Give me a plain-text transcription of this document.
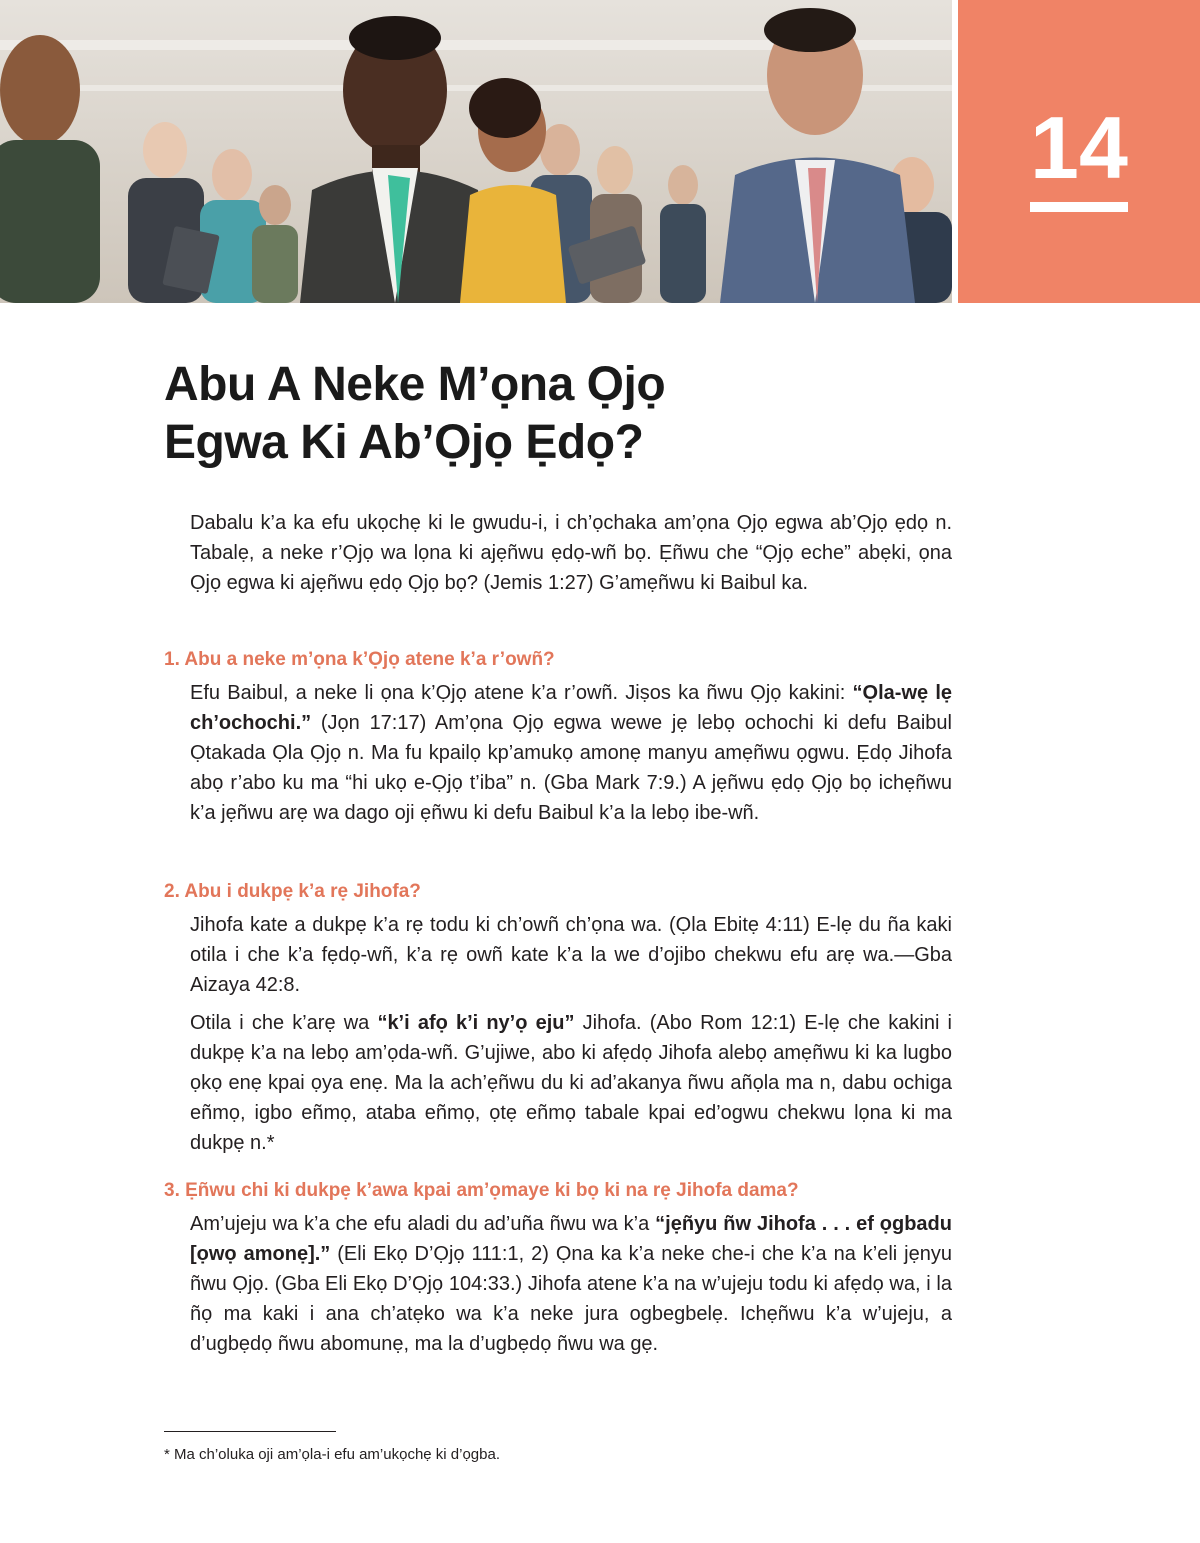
14
Abu A Neke M’ọna Ọjọ
Egwa Ki Ab’Ọjọ Ẹdọ?

Dabalu k’a ka efu ukọchẹ ki le gwudu-i, i ch’ọchaka am’ọna Ọjọ egwa ab’Ọjọ ẹdọ n. Tabalẹ, a neke r’Ọjọ wa lọna ki ajẹñwu ẹdọ-wñ bọ. Ẹñwu che “Ọjọ eche” abẹki, ọna Ọjọ egwa ki ajẹñwu ẹdọ Ọjọ bọ? (Jemis 1:27) G’amẹñwu ki Baibul ka.

1. Abu a neke m’ọna k’Ọjọ atene k’a r’owñ?

Efu Baibul, a neke li ọna k’Ọjọ atene k’a r’owñ. Jiṣos ka ñwu Ọjọ kakini: “Ọla-wẹ lẹ ch’ochochi.” (Jọn 17:17) Am’ọna Ọjọ egwa wewe jẹ lebọ ochochi ki defu Baibul Ọtakada Ọla Ọjọ n. Ma fu kpailọ kp’amukọ amonẹ manyu amẹñwu ọgwu. Ẹdọ Jihofa abọ r’abo ku ma “hi ukọ e-Ọjọ t’iba” n. (Gba Mark 7:9.) A jẹñwu ẹdọ Ọjọ bọ ichẹñwu k’a jẹñwu arẹ wa dago oji ẹñwu ki defu Baibul k’a la lebọ ibe-wñ.

2. Abu i dukpẹ k’a rẹ Jihofa?

Jihofa kate a dukpẹ k’a rẹ todu ki ch’owñ ch’ọna wa. (Ọla Ebitẹ 4:11) E-lẹ du ña kaki otila i che k’a fẹdọ-wñ, k’a rẹ owñ kate k’a la we d’ojibo chekwu efu arẹ wa.—Gba Aizaya 42:8.

Otila i che k’arẹ wa “k’i afọ k’i ny’ọ eju” Jihofa. (Abo Rom 12:1) E-lẹ che kakini i dukpẹ k’a na lebọ am’ọda-wñ. G’ujiwe, abo ki afẹdọ Jihofa alebọ amẹñwu ki ka lugbo ọkọ enẹ kpai ọya enẹ. Ma la ach’ẹñwu du ki ad’akanya ñwu añọla ma n, dabu ochiga eñmọ, igbo eñmọ, ataba eñmọ, ọtẹ eñmọ tabale kpai ed’ogwu chekwu lọna ki ma dukpẹ n.*

3. Ẹñwu chi ki dukpẹ k’awa kpai am’ọmaye ki bọ ki na rẹ Jihofa dama?

Am’ujeju wa k’a che efu aladi du ad’uña ñwu wa k’a “jẹñyu ñw Jihofa . . . ef ọgbadu [ọwọ amonẹ].” (Eli Ekọ D’Ọjọ 111:1, 2) Ọna ka k’a neke che-i che k’a na k’eli jẹnyu ñwu Ọjọ. (Gba Eli Ekọ D’Ọjọ 104:33.) Jihofa atene k’a na w’ujeju todu ki afẹdọ wa, i la ñọ ma kaki i ana ch’atẹko wa k’a neke jura ogbegbelẹ. Ichẹñwu k’a w’ujeju, a d’ugbẹdọ ñwu abomunẹ, ma la d’ugbẹdọ ñwu wa gẹ.

* Ma ch’oluka oji am’ọla-i efu am’ukọchẹ ki d’ọgba.
